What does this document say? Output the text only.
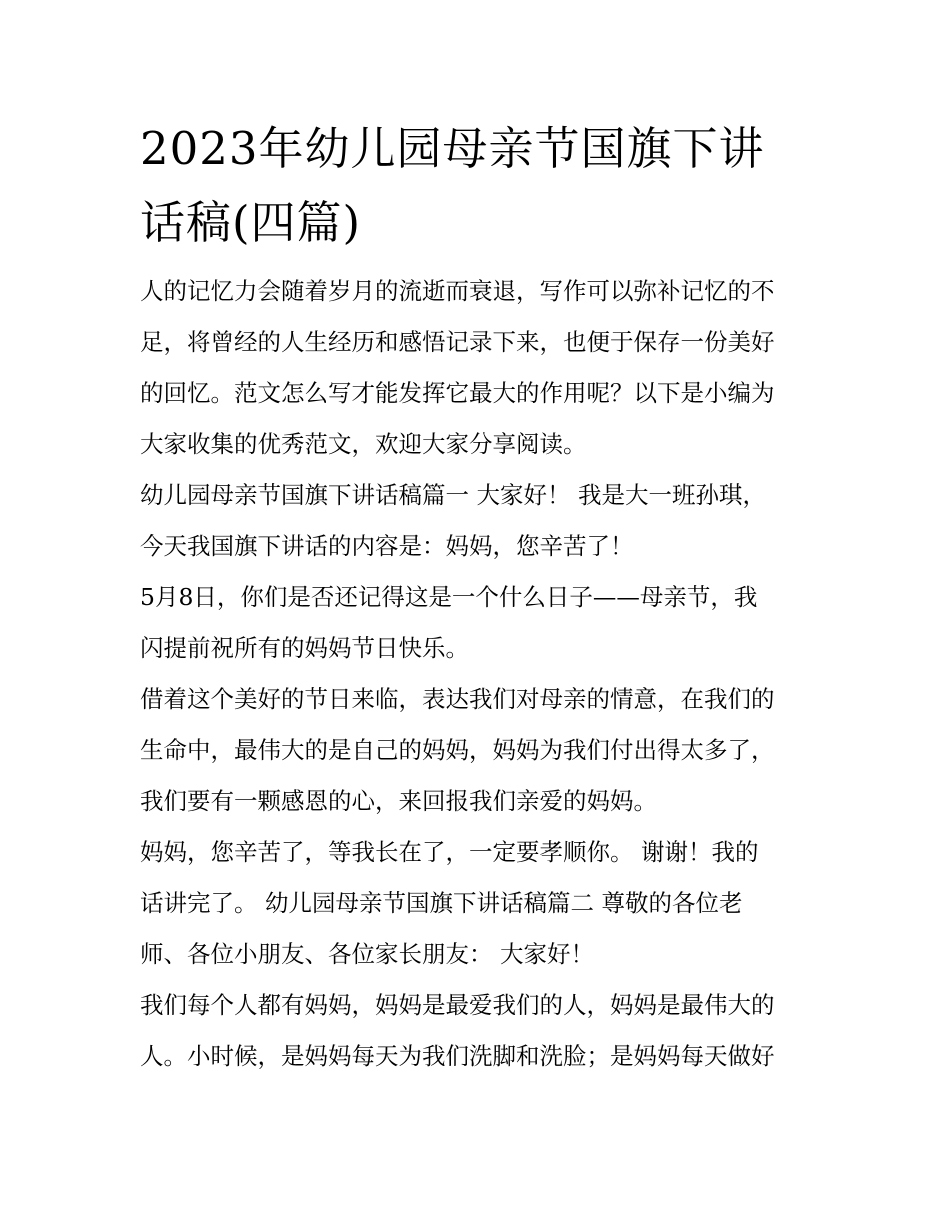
2023年幼儿园母亲节国旗下讲
话稿(四篇)

人的记忆力会随着岁月的流逝而衰退，写作可以弥补记忆的不
足，将曾经的人生经历和感悟记录下来，也便于保存一份美好
的回忆。范文怎么写才能发挥它最大的作用呢？以下是小编为
大家收集的优秀范文，欢迎大家分享阅读。

幼儿园母亲节国旗下讲话稿篇一 大家好！ 我是大一班孙琪，
今天我国旗下讲话的内容是：妈妈，您辛苦了！

5月8日，你们是否还记得这是一个什么日子——母亲节，我
闪提前祝所有的妈妈节日快乐。

借着这个美好的节日来临，表达我们对母亲的情意，在我们的
生命中，最伟大的是自己的妈妈，妈妈为我们付出得太多了，
我们要有一颗感恩的心，来回报我们亲爱的妈妈。

妈妈，您辛苦了，等我长在了，一定要孝顺你。 谢谢！我的
话讲完了。 幼儿园母亲节国旗下讲话稿篇二 尊敬的各位老
师、各位小朋友、各位家长朋友： 大家好！

我们每个人都有妈妈，妈妈是最爱我们的人，妈妈是最伟大的
人。小时候，是妈妈每天为我们洗脚和洗脸；是妈妈每天做好
